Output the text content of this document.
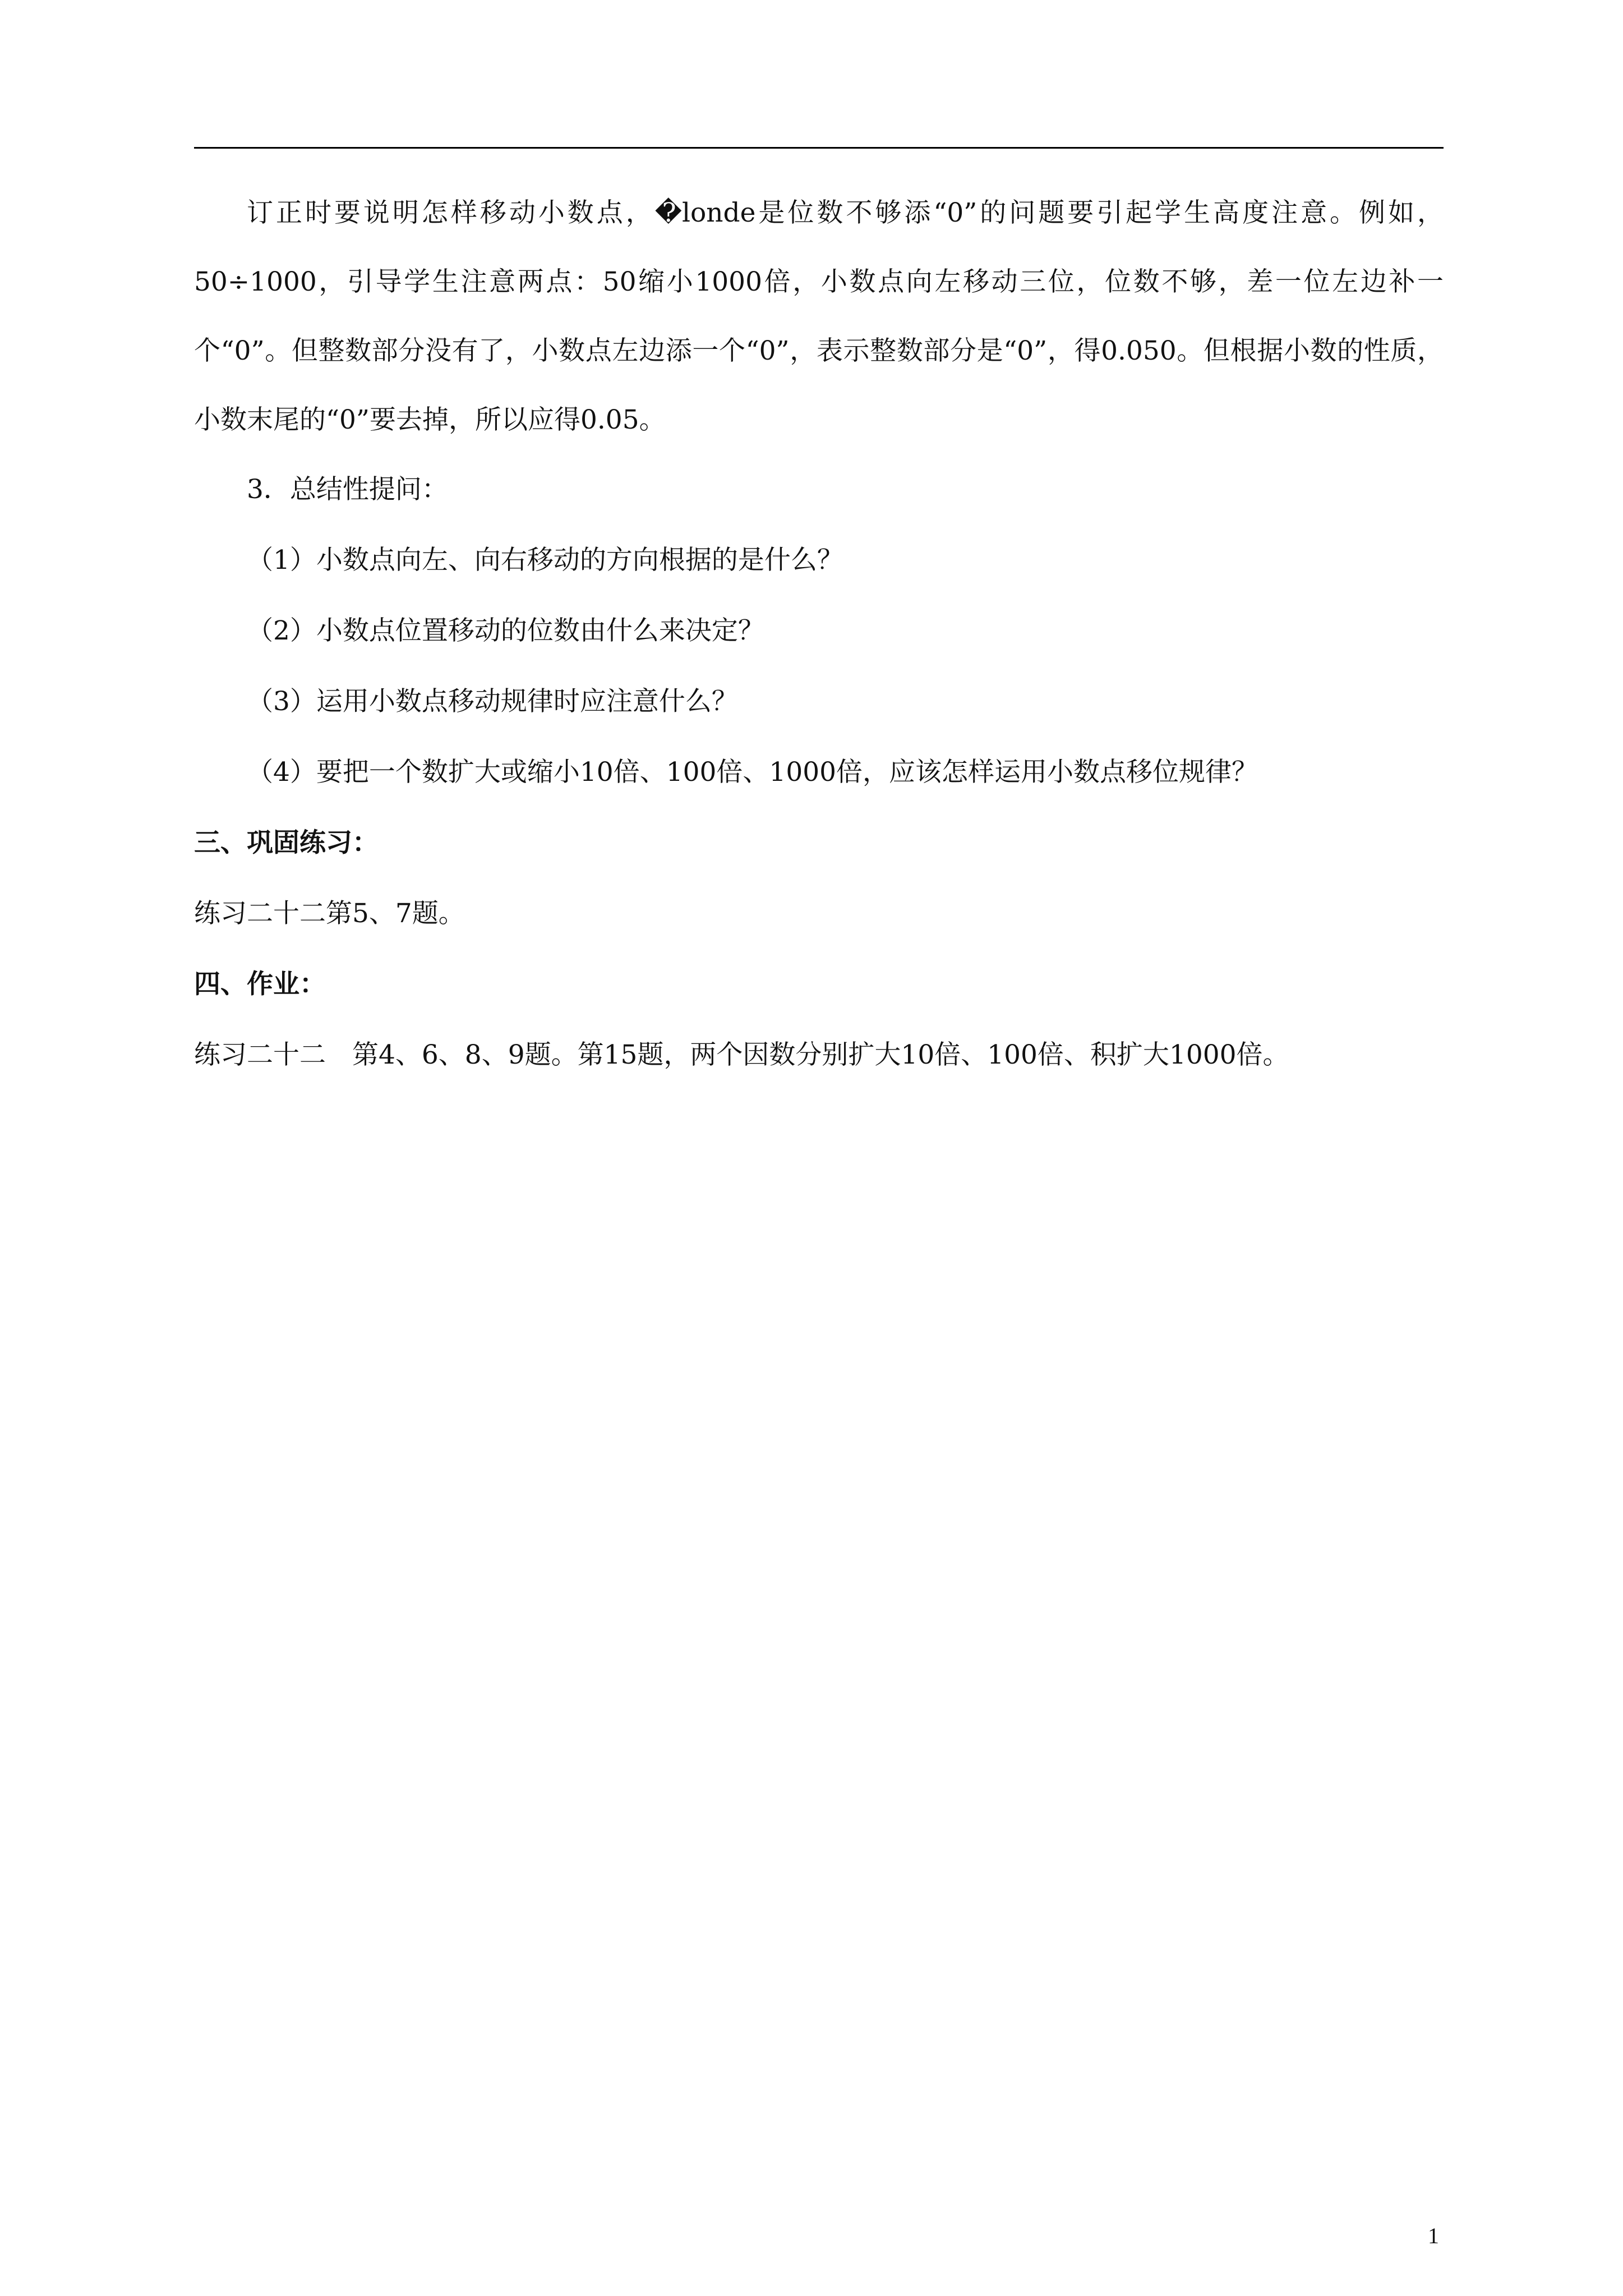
订正时要说明怎样移动小数点，�londe是位数不够添“0”的问题要引起学生高度注意。例如，50÷1000，引导学生注意两点：50缩小1000倍，小数点向左移动三位，位数不够，差一位左边补一个“0”。但整数部分没有了，小数点左边添一个“0”，表示整数部分是“0”，得0.050。但根据小数的性质，小数末尾的“0”要去掉，所以应得0.05。

3．总结性提问：

（1）小数点向左、向右移动的方向根据的是什么？

（2）小数点位置移动的位数由什么来决定？

（3）运用小数点移动规律时应注意什么？

（4）要把一个数扩大或缩小10倍、100倍、1000倍，应该怎样运用小数点移位规律？

三、巩固练习：

练习二十二第5、7题。

四、作业：

练习二十二　第4、6、8、9题。第15题，两个因数分别扩大10倍、100倍、积扩大1000倍。

1
